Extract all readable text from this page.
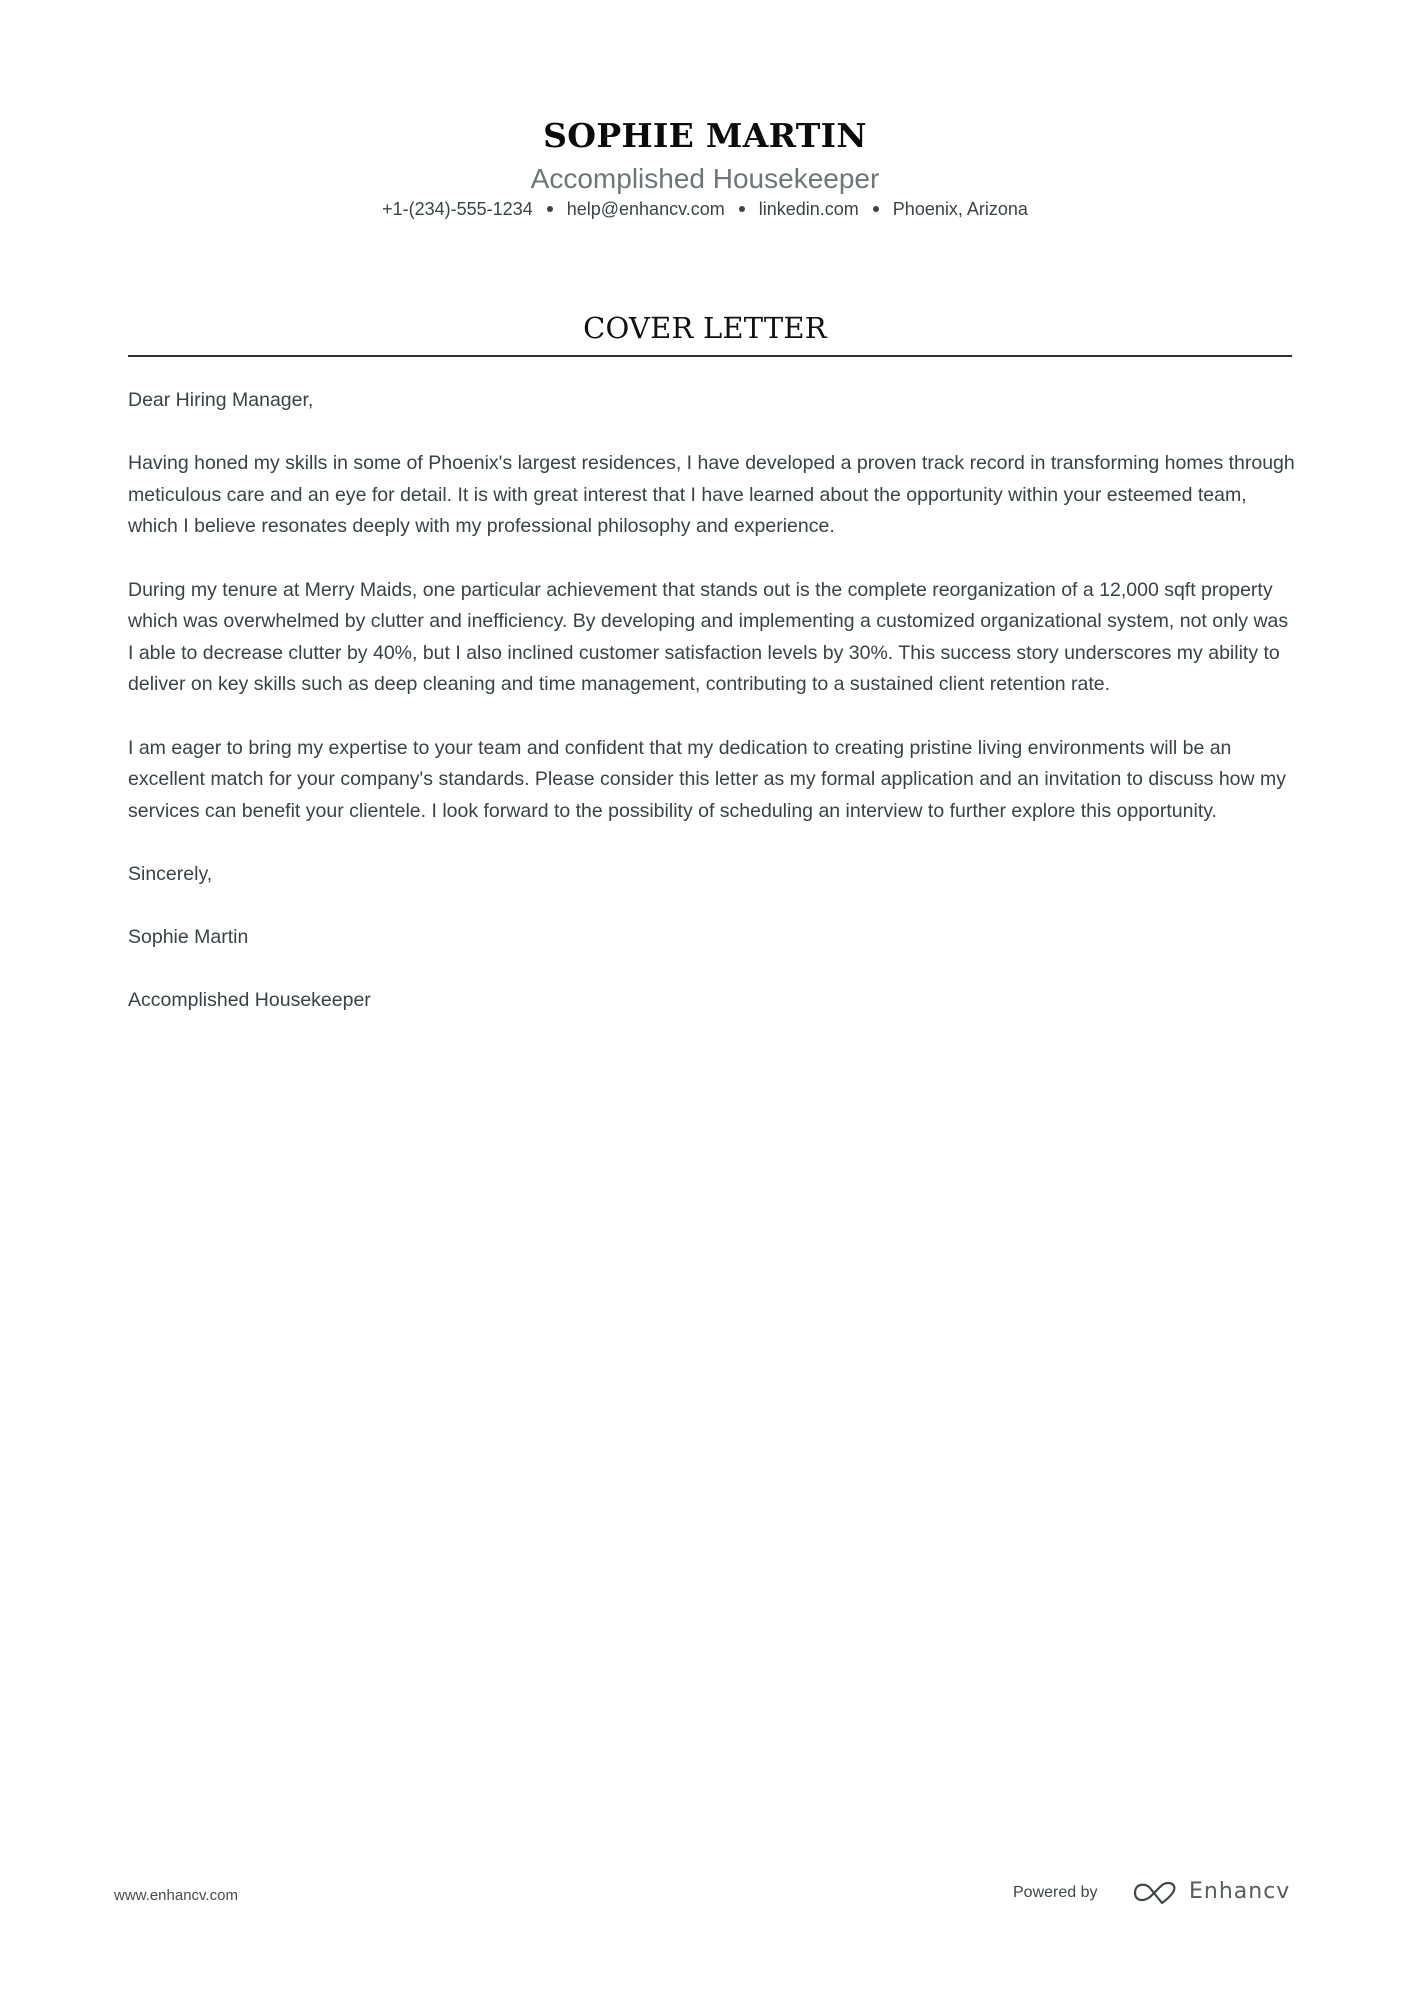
SOPHIE MARTIN
Accomplished Housekeeper
+1-(234)-555-1234 help@enhancv.com linkedin.com Phoenix, Arizona
COVER LETTER

Dear Hiring Manager,

Having honed my skills in some of Phoenix's largest residences, I have developed a proven track record in transforming homes through meticulous care and an eye for detail. It is with great interest that I have learned about the opportunity within your esteemed team, which I believe resonates deeply with my professional philosophy and experience.

During my tenure at Merry Maids, one particular achievement that stands out is the complete reorganization of a 12,000 sqft property which was overwhelmed by clutter and inefficiency. By developing and implementing a customized organizational system, not only was I able to decrease clutter by 40%, but I also inclined customer satisfaction levels by 30%. This success story underscores my ability to deliver on key skills such as deep cleaning and time management, contributing to a sustained client retention rate.

I am eager to bring my expertise to your team and confident that my dedication to creating pristine living environments will be an excellent match for your company's standards. Please consider this letter as my formal application and an invitation to discuss how my services can benefit your clientele. I look forward to the possibility of scheduling an interview to further explore this opportunity.

Sincerely,

Sophie Martin

Accomplished Housekeeper

www.enhancv.com	Powered by	Enhancv
